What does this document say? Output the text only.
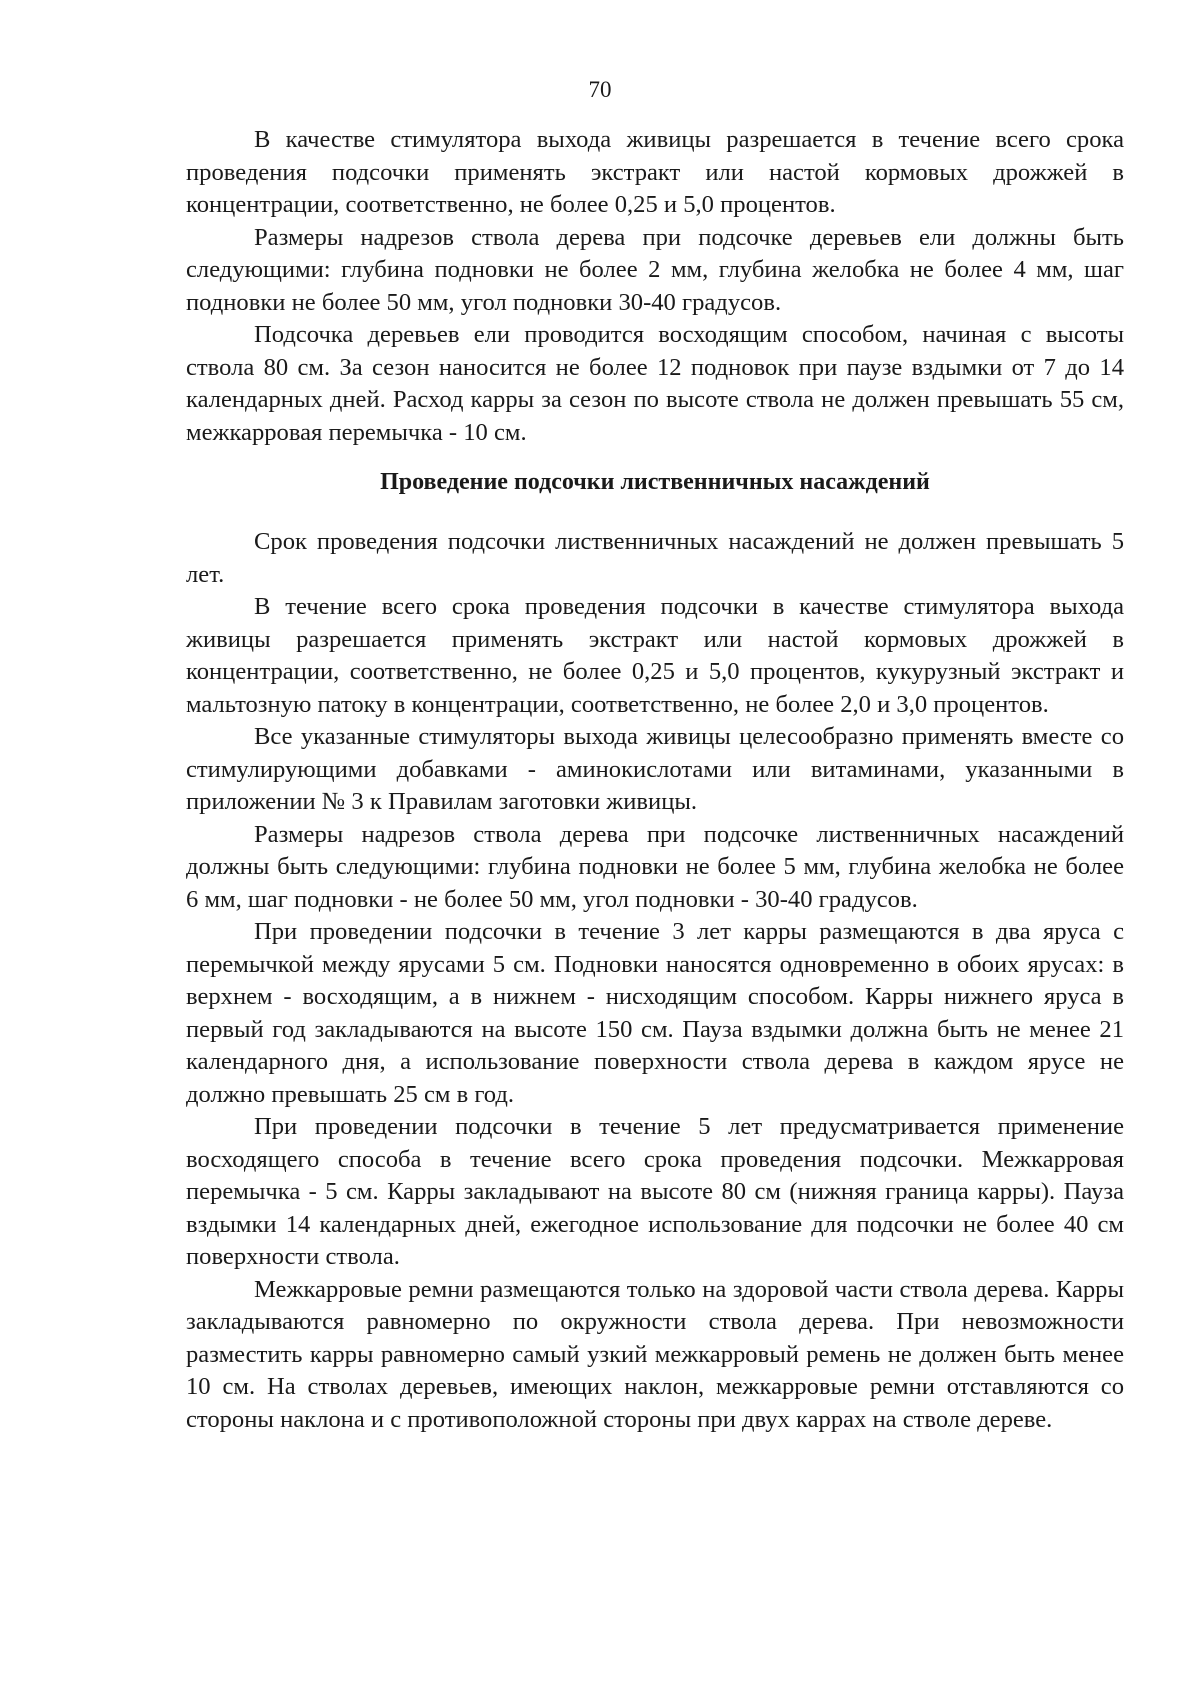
70

В качестве стимулятора выхода живицы разрешается в течение всего срока проведения подсочки применять экстракт или настой кормовых дрожжей в концентрации, соответственно, не более 0,25 и 5,0 процентов.

Размеры надрезов ствола дерева при подсочке деревьев ели должны быть следующими: глубина подновки не более 2 мм, глубина желобка не более 4 мм, шаг подновки не более 50 мм, угол подновки 30-40 градусов.

Подсочка деревьев ели проводится восходящим способом, начиная с высоты ствола 80 см. За сезон наносится не более 12 подновок при паузе вздымки от 7 до 14 календарных дней. Расход карры за сезон по высоте ствола не должен превышать 55 см, межкарровая перемычка - 10 см.

Проведение подсочки лиственничных насаждений

Срок проведения подсочки лиственничных насаждений не должен превышать 5 лет.

В течение всего срока проведения подсочки в качестве стимулятора выхода живицы разрешается применять экстракт или настой кормовых дрожжей в концентрации, соответственно, не более 0,25 и 5,0 процентов, кукурузный экстракт и мальтозную патоку в концентрации, соответственно, не более 2,0 и 3,0 процентов.

Все указанные стимуляторы выхода живицы целесообразно применять вместе со стимулирующими добавками - аминокислотами или витаминами, указанными в приложении № 3 к Правилам заготовки живицы.

Размеры надрезов ствола дерева при подсочке лиственничных насаждений должны быть следующими: глубина подновки не более 5 мм, глубина желобка не более 6 мм, шаг подновки - не более 50 мм, угол подновки - 30-40 градусов.

При проведении подсочки в течение 3 лет карры размещаются в два яруса с перемычкой между ярусами 5 см. Подновки наносятся одновременно в обоих ярусах: в верхнем - восходящим, а в нижнем - нисходящим способом. Карры нижнего яруса в первый год закладываются на высоте 150 см. Пауза вздымки должна быть не менее 21 календарного дня, а использование поверхности ствола дерева в каждом ярусе не должно превышать 25 см в год.

При проведении подсочки в течение 5 лет предусматривается применение восходящего способа в течение всего срока проведения подсочки. Межкарровая перемычка - 5 см. Карры закладывают на высоте 80 см (нижняя граница карры). Пауза вздымки 14 календарных дней, ежегодное использование для подсочки не более 40 см поверхности ствола.

Межкарровые ремни размещаются только на здоровой части ствола дерева. Карры закладываются равномерно по окружности ствола дерева. При невозможности разместить карры равномерно самый узкий межкарровый ремень не должен быть менее 10 см. На стволах деревьев, имеющих наклон, межкарровые ремни отставляются со стороны наклона и с противоположной стороны при двух каррах на стволе дереве.
